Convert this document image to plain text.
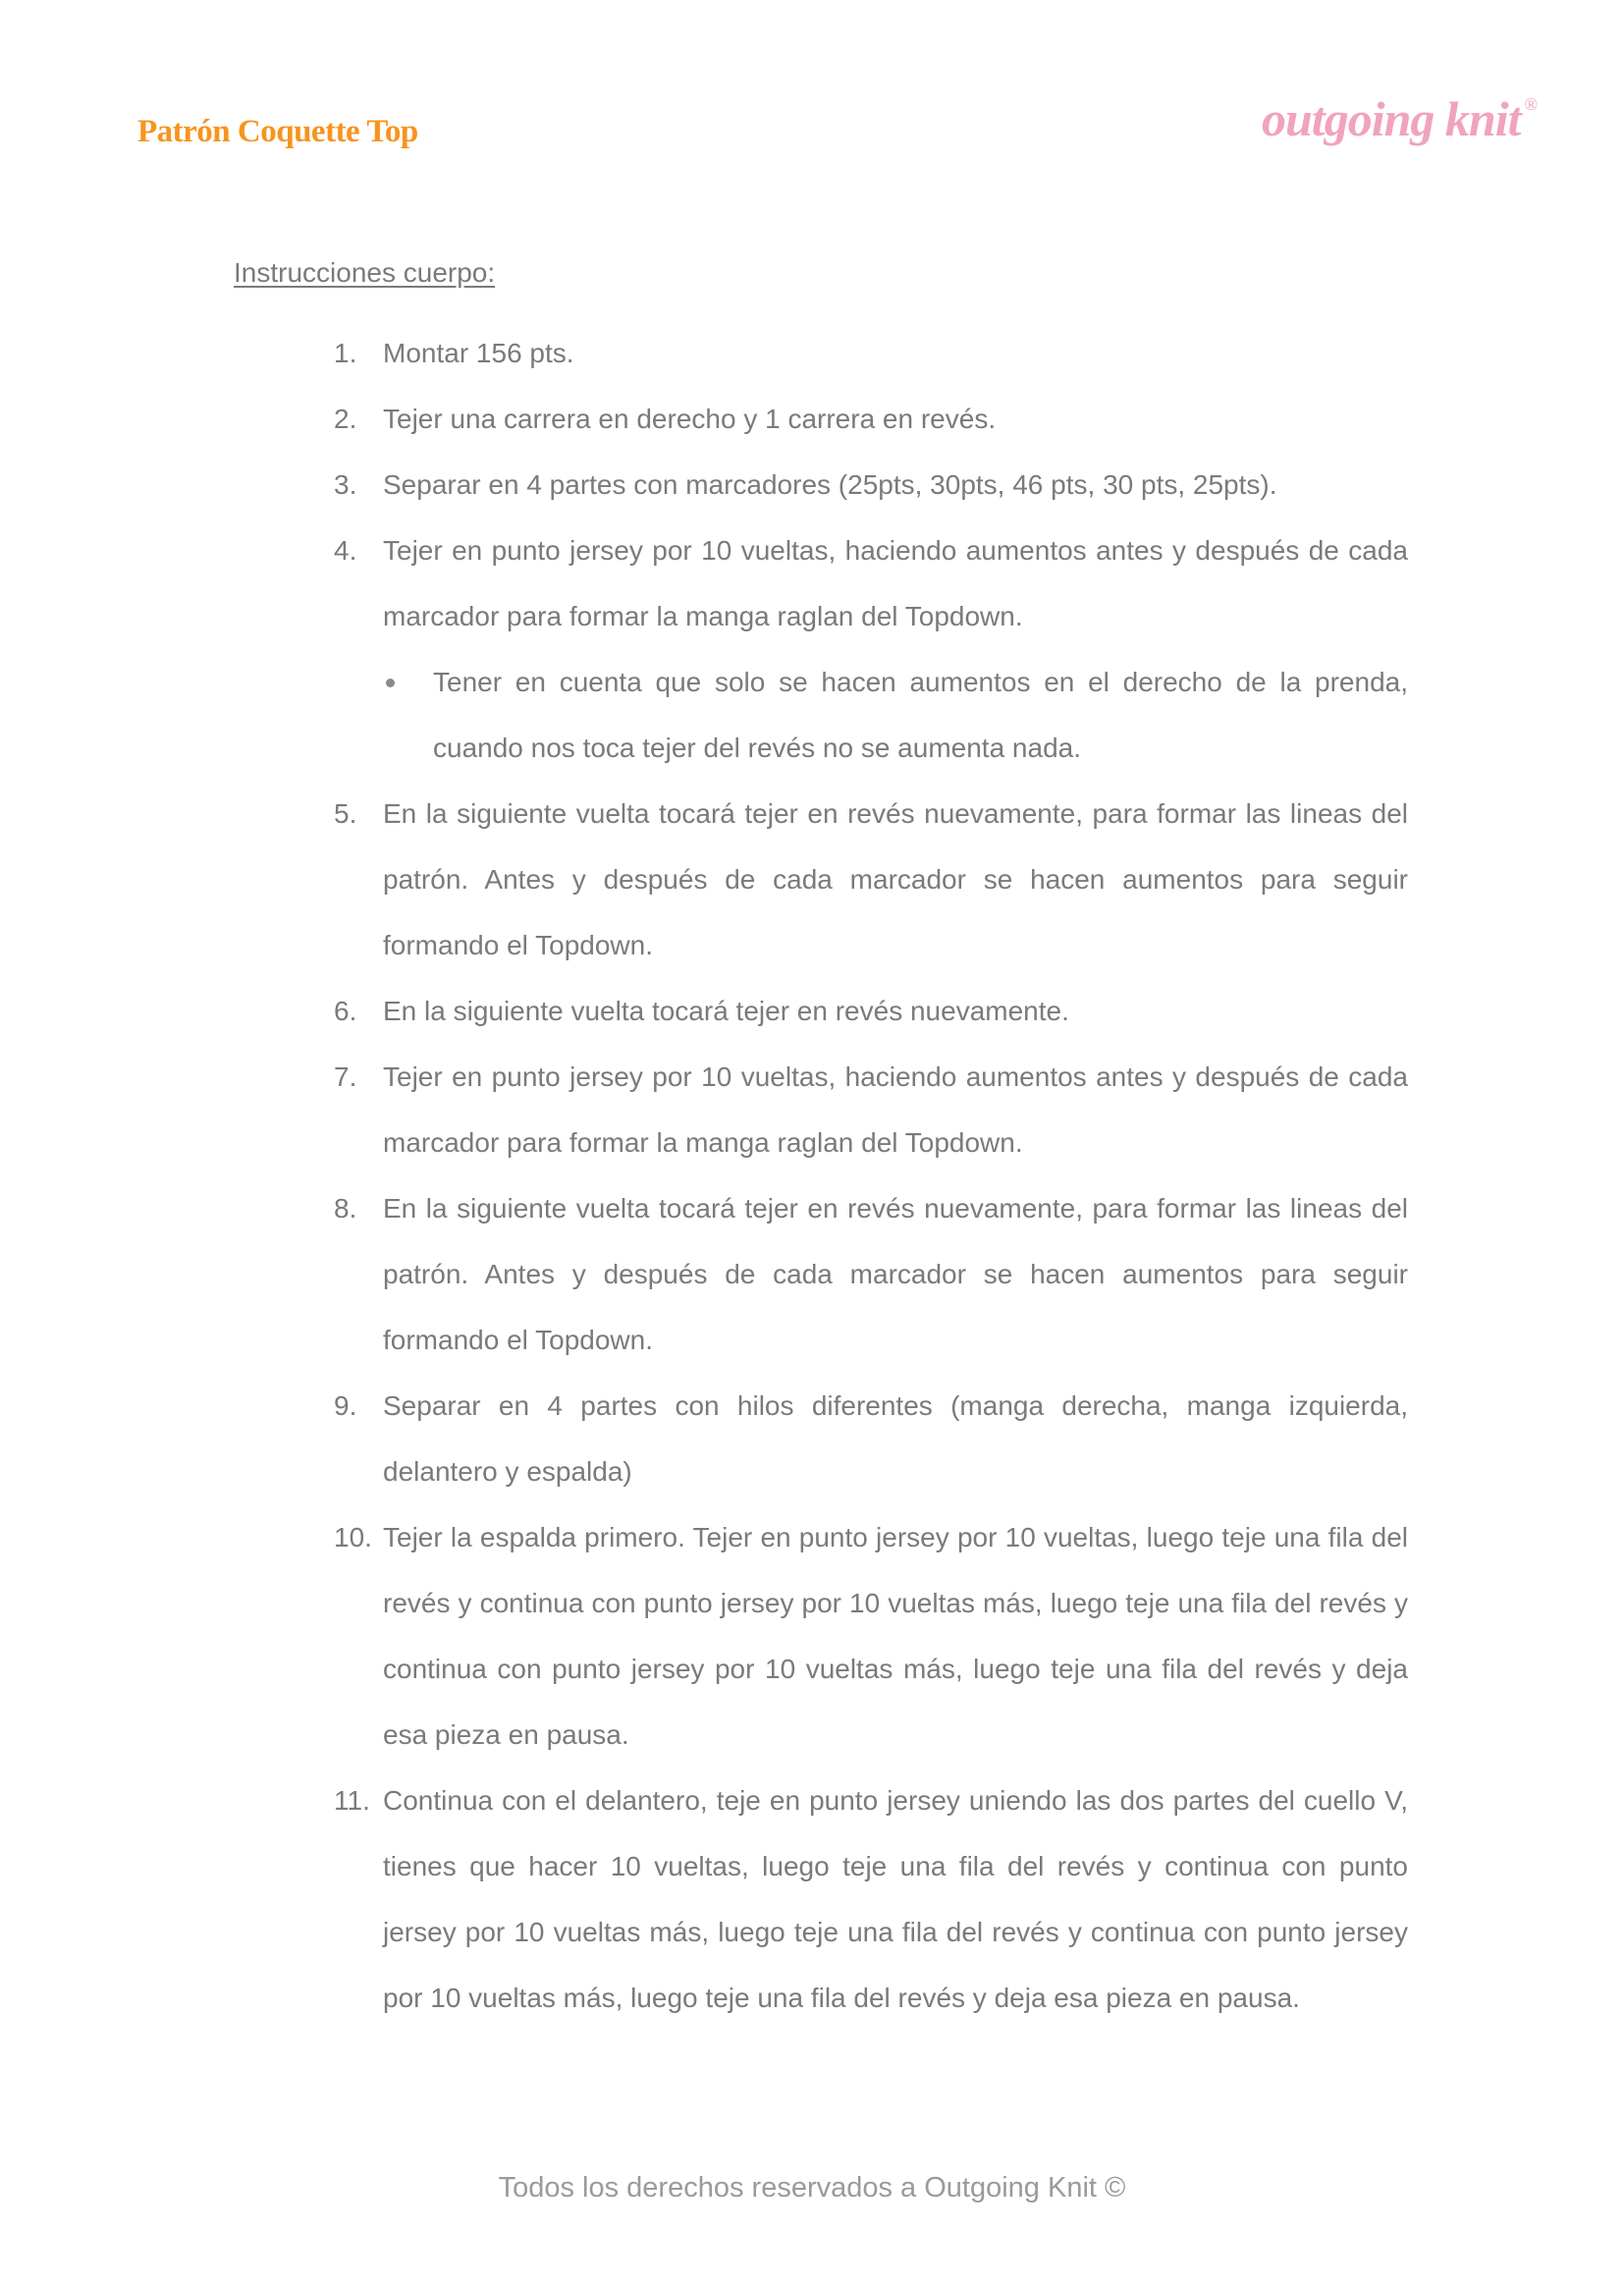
Patrón Coquette Top	outgoing knit ®
Instrucciones cuerpo:
1. Montar 156 pts.
2. Tejer una carrera en derecho y 1 carrera en revés.
3. Separar en 4 partes con marcadores (25pts, 30pts, 46 pts, 30 pts, 25pts).
4. Tejer en punto jersey por 10 vueltas, haciendo aumentos antes y después de cada marcador para formar la manga raglan del Topdown.
Tener en cuenta que solo se hacen aumentos en el derecho de la prenda, cuando nos toca tejer del revés no se aumenta nada.
5. En la siguiente vuelta tocará tejer en revés nuevamente, para formar las lineas del patrón. Antes y después de cada marcador se hacen aumentos para seguir formando el Topdown.
6. En la siguiente vuelta tocará tejer en revés nuevamente.
7. Tejer en punto jersey por 10 vueltas, haciendo aumentos antes y después de cada marcador para formar la manga raglan del Topdown.
8. En la siguiente vuelta tocará tejer en revés nuevamente, para formar las lineas del patrón. Antes y después de cada marcador se hacen aumentos para seguir formando el Topdown.
9. Separar en 4 partes con hilos diferentes (manga derecha, manga izquierda, delantero y espalda)
10. Tejer la espalda primero. Tejer en punto jersey por 10 vueltas, luego teje una fila del revés y continua con punto jersey por 10 vueltas más, luego teje una fila del revés y continua con punto jersey por 10 vueltas más, luego teje una fila del revés y deja esa pieza en pausa.
11. Continua con el delantero, teje en punto jersey uniendo las dos partes del cuello V, tienes que hacer 10 vueltas, luego teje una fila del revés y continua con punto jersey por 10 vueltas más, luego teje una fila del revés y continua con punto jersey por 10 vueltas más, luego teje una fila del revés y deja esa pieza en pausa.
Todos los derechos reservados a Outgoing Knit ©
